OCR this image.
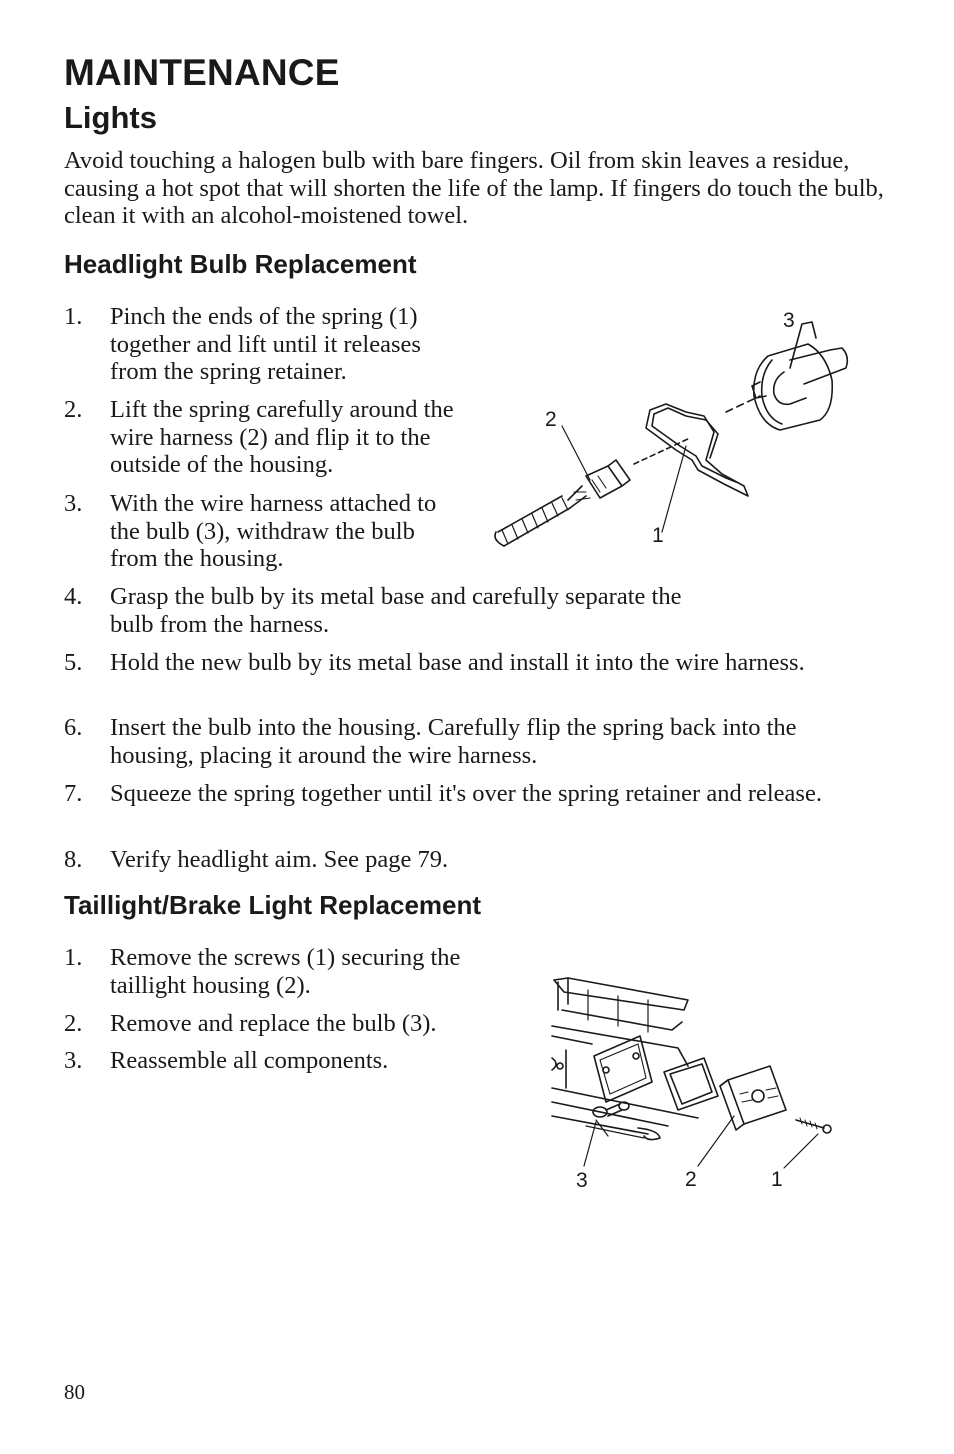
MAINTENANCE
Lights

Avoid touching a halogen bulb with bare fingers. Oil from skin leaves a residue, causing a hot spot that will shorten the life of the lamp. If fingers do touch the bulb, clean it with an alcohol-moistened towel.

Headlight Bulb Replacement
1.	Pinch the ends of the spring (1) together and lift until it releases from the spring retainer.
2.	Lift the spring carefully around the wire harness (2) and flip it to the outside of the housing.
3.	With the wire harness attached to the bulb (3), withdraw the bulb from the housing.
4.	Grasp the bulb by its metal base and carefully separate the bulb from the harness.
5.	Hold the new bulb by its metal base and install it into the wire harness.
6.	Insert the bulb into the housing. Carefully flip the spring back into the housing, placing it around the wire harness.
7.	Squeeze the spring together until it's over the spring retainer and release.
8.	Verify headlight aim. See page 79.
3
2
1
Taillight/Brake Light Replacement
1.	Remove the screws (1) securing the taillight housing (2).
2.	Remove and replace the bulb (3).
3.	Reassemble all components.
3	2	1

80
